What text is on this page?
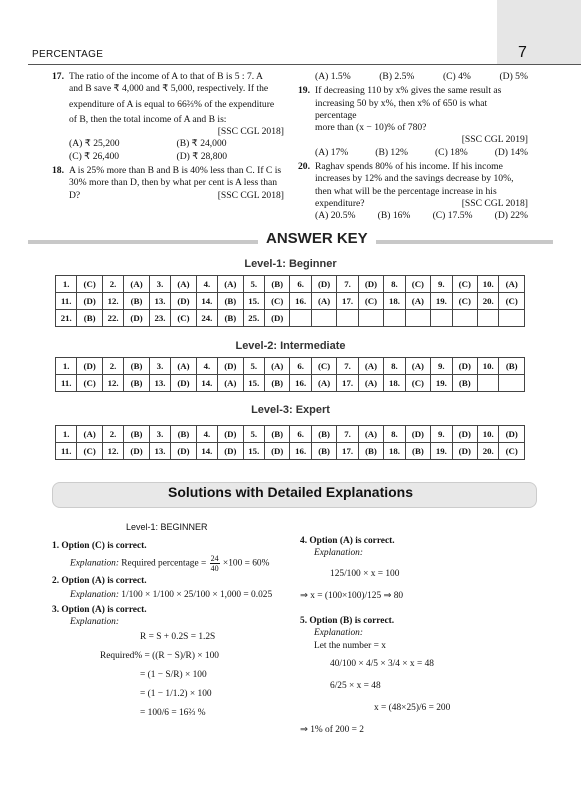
PERCENTAGE	7
17. The ratio of the income of A to that of B is 5 : 7. A
and B save ₹ 4,000 and ₹ 5,000, respectively. If the
expenditure of A is equal to 66⅔% of the expenditure
of B, then the total income of A and B is:
[SSC CGL 2018]
(A) ₹ 25,200	(B) ₹ 24,000
(C) ₹ 26,400	(D) ₹ 28,800
18. A is 25% more than B and B is 40% less than C. If C is
30% more than D, then by what per cent is A less than
D?	[SSC CGL 2018]
(A) 1.5%	(B) 2.5%	(C) 4%	(D) 5%
19. If decreasing 110 by x% gives the same result as
increasing 50 by x%, then x% of 650 is what percentage
more than (x − 10)% of 780?
[SSC CGL 2019]
(A) 17%	(B) 12%	(C) 18%	(D) 14%
20. Raghav spends 80% of his income. If his income
increases by 12% and the savings decrease by 10%,
then what will be the percentage increase in his
expenditure?	[SSC CGL 2018]
(A) 20.5% (B) 16% (C) 17.5% (D) 22%
ANSWER KEY
Level-1: Beginner
1.	(C)	2.	(A)	3.	(A)	4.	(A)	5.	(B)	6.	(D)	7.	(D)	8.	(C)	9.	(C)	10.	(A)
11.	(D)	12.	(B)	13.	(D)	14.	(B)	15.	(C)	16.	(A)	17.	(C)	18.	(A)	19.	(C)	20.	(C)
21.	(B)	22.	(D)	23.	(C)	24.	(B)	25.	(D)										
Level-2: Intermediate
1.	(D)	2.	(B)	3.	(A)	4.	(D)	5.	(A)	6.	(C)	7.	(A)	8.	(A)	9.	(D)	10.	(B)
11.	(C)	12.	(B)	13.	(D)	14.	(A)	15.	(B)	16.	(A)	17.	(A)	18.	(C)	19.	(B)		
Level-3: Expert
1.	(A)	2.	(B)	3.	(B)	4.	(D)	5.	(B)	6.	(B)	7.	(A)	8.	(D)	9.	(D)	10.	(D)
11.	(C)	12.	(D)	13.	(D)	14.	(D)	15.	(D)	16.	(B)	17.	(B)	18.	(B)	19.	(D)	20.	(C)
Solutions with Detailed Explanations
Level-1: BEGINNER
1. Option (C) is correct.
Explanation: Required percentage = $\frac{24}{40} \times 100 = 60\%$
2. Option (A) is correct.
Explanation: 1/100 × 1/100 × 25/100 × 1,000 = 0.025
3. Option (A) is correct.
Explanation:
R = S + 0.2S = 1.2S
Required% = ((R − S)/R) × 100
= (1 − S/R) × 100
= (1 − 1/1.2) × 100
= 100/6 = 16⅔ %
4. Option (A) is correct.
Explanation:
125/100 × x = 100
⇒ x = (100×100)/125 ⇒ 80
5. Option (B) is correct.
Explanation:
Let the number = x
40/100 × 4/5 × 3/4 × x = 48
6/25 × x = 48
x = (48×25)/6 = 200
⇒ 1% of 200 = 2
